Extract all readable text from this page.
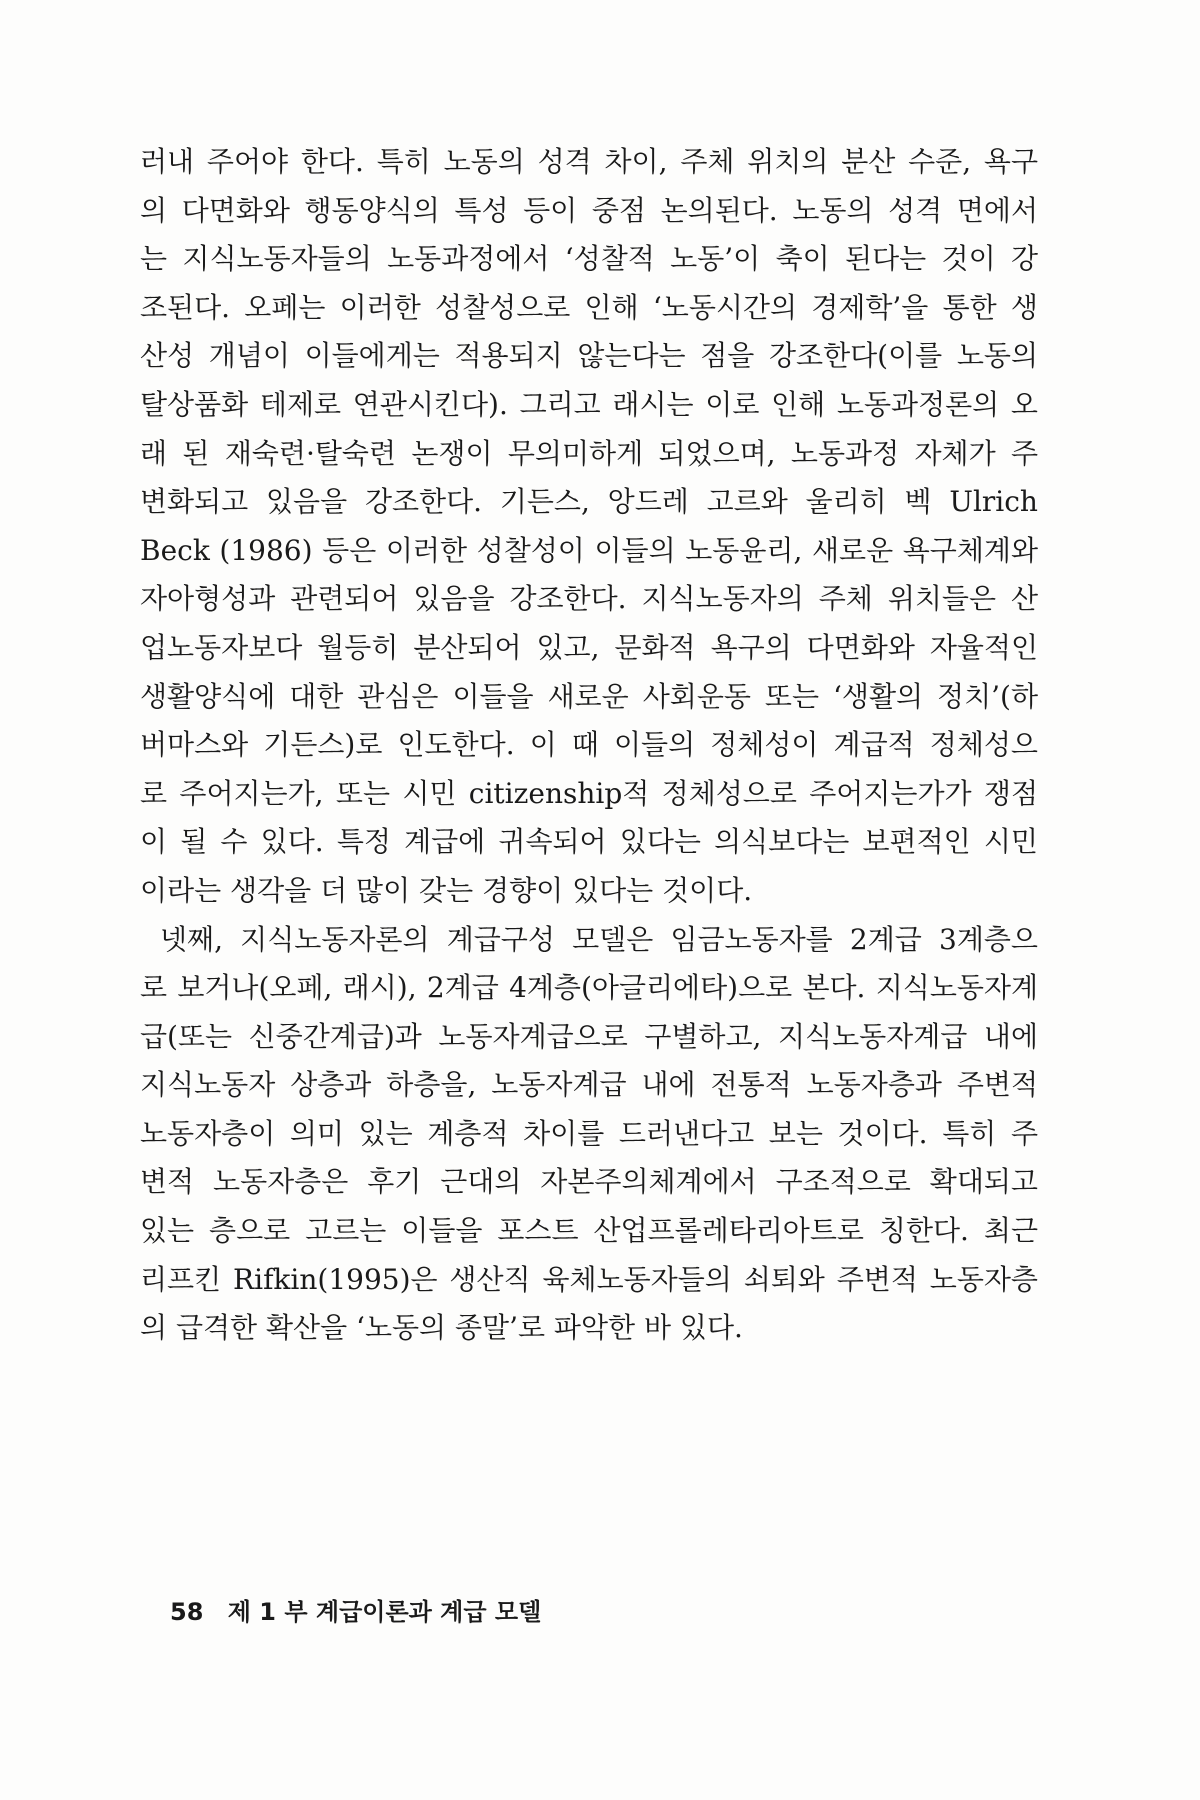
러내 주어야 한다. 특히 노동의 성격 차이, 주체 위치의 분산 수준, 욕구
의 다면화와 행동양식의 특성 등이 중점 논의된다. 노동의 성격 면에서
는 지식노동자들의 노동과정에서 ‘성찰적 노동’이 축이 된다는 것이 강
조된다. 오페는 이러한 성찰성으로 인해 ‘노동시간의 경제학’을 통한 생
산성 개념이 이들에게는 적용되지 않는다는 점을 강조한다(이를 노동의
탈상품화 테제로 연관시킨다). 그리고 래시는 이로 인해 노동과정론의 오
래 된 재숙련·탈숙련 논쟁이 무의미하게 되었으며, 노동과정 자체가 주
변화되고 있음을 강조한다. 기든스, 앙드레 고르와 울리히 벡 Ulrich
Beck (1986) 등은 이러한 성찰성이 이들의 노동윤리, 새로운 욕구체계와
자아형성과 관련되어 있음을 강조한다. 지식노동자의 주체 위치들은 산
업노동자보다 월등히 분산되어 있고, 문화적 욕구의 다면화와 자율적인
생활양식에 대한 관심은 이들을 새로운 사회운동 또는 ‘생활의 정치’(하
버마스와 기든스)로 인도한다. 이 때 이들의 정체성이 계급적 정체성으
로 주어지는가, 또는 시민 citizenship적 정체성으로 주어지는가가 쟁점
이 될 수 있다. 특정 계급에 귀속되어 있다는 의식보다는 보편적인 시민
이라는 생각을 더 많이 갖는 경향이 있다는 것이다.
넷째, 지식노동자론의 계급구성 모델은 임금노동자를 2계급 3계층으
로 보거나(오페, 래시), 2계급 4계층(아글리에타)으로 본다. 지식노동자계
급(또는 신중간계급)과 노동자계급으로 구별하고, 지식노동자계급 내에
지식노동자 상층과 하층을, 노동자계급 내에 전통적 노동자층과 주변적
노동자층이 의미 있는 계층적 차이를 드러낸다고 보는 것이다. 특히 주
변적 노동자층은 후기 근대의 자본주의체계에서 구조적으로 확대되고
있는 층으로 고르는 이들을 포스트 산업프롤레타리아트로 칭한다. 최근
리프킨 Rifkin(1995)은 생산직 육체노동자들의 쇠퇴와 주변적 노동자층
의 급격한 확산을 ‘노동의 종말’로 파악한 바 있다.
58 제 1 부 계급이론과 계급 모델
